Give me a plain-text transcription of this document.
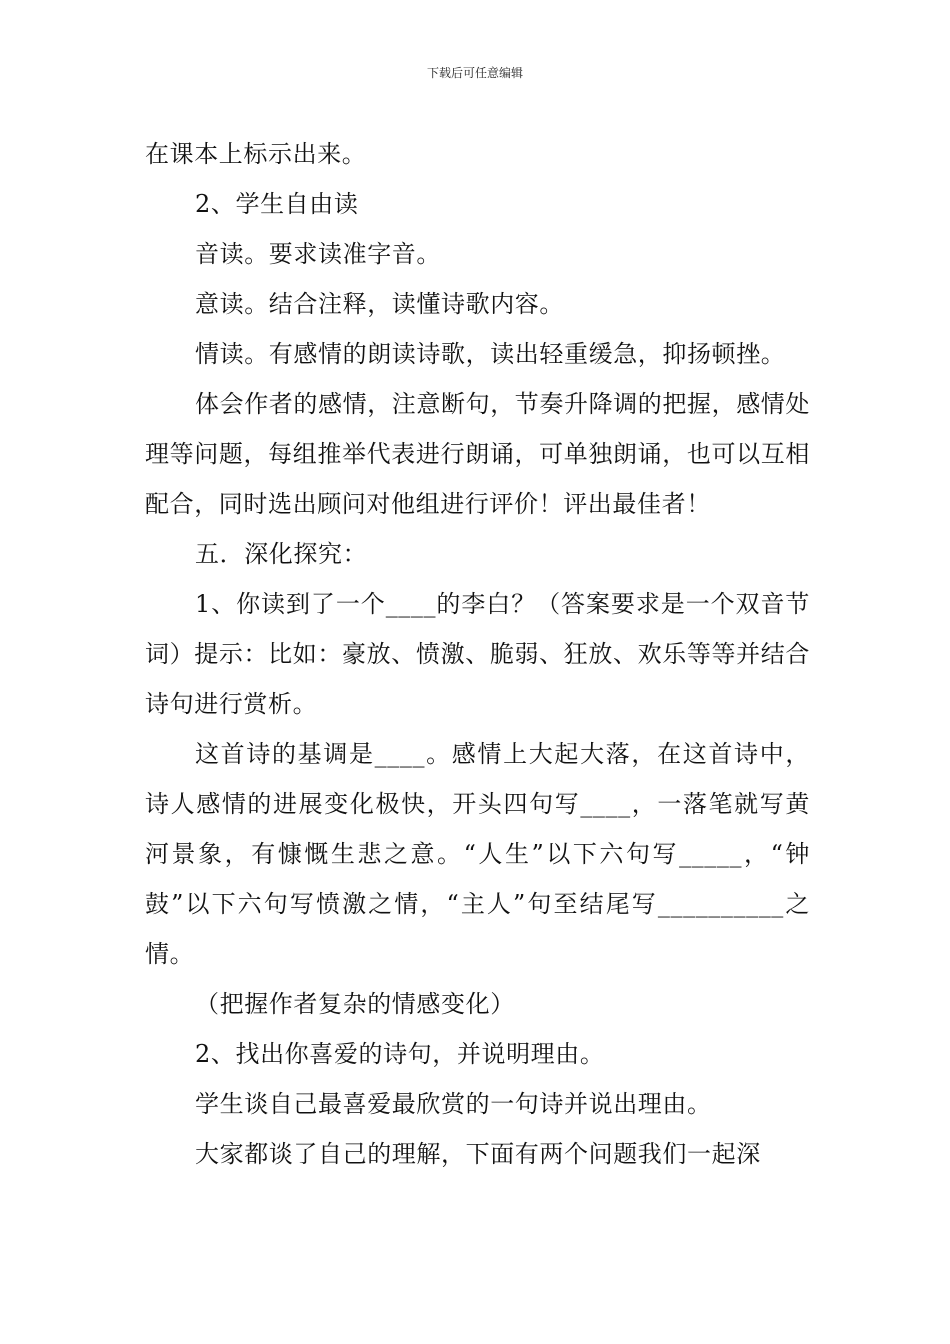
下载后可任意编辑

在课本上标示出来。

2、学生自由读

音读。要求读准字音。

意读。结合注释，读懂诗歌内容。

情读。有感情的朗读诗歌，读出轻重缓急，抑扬顿挫。

体会作者的感情，注意断句，节奏升降调的把握，感情处理等问题，每组推举代表进行朗诵，可单独朗诵，也可以互相配合，同时选出顾问对他组进行评价！评出最佳者！

五．深化探究：

1、你读到了一个____的李白？（答案要求是一个双音节词）提示：比如：豪放、愤激、脆弱、狂放、欢乐等等并结合诗句进行赏析。

这首诗的基调是____。感情上大起大落，在这首诗中，诗人感情的进展变化极快，开头四句写____，一落笔就写黄河景象，有慷慨生悲之意。“人生”以下六句写_____，“钟鼓”以下六句写愤激之情，“主人”句至结尾写__________之情。

（把握作者复杂的情感变化）

2、找出你喜爱的诗句，并说明理由。

学生谈自己最喜爱最欣赏的一句诗并说出理由。

大家都谈了自己的理解，下面有两个问题我们一起深
